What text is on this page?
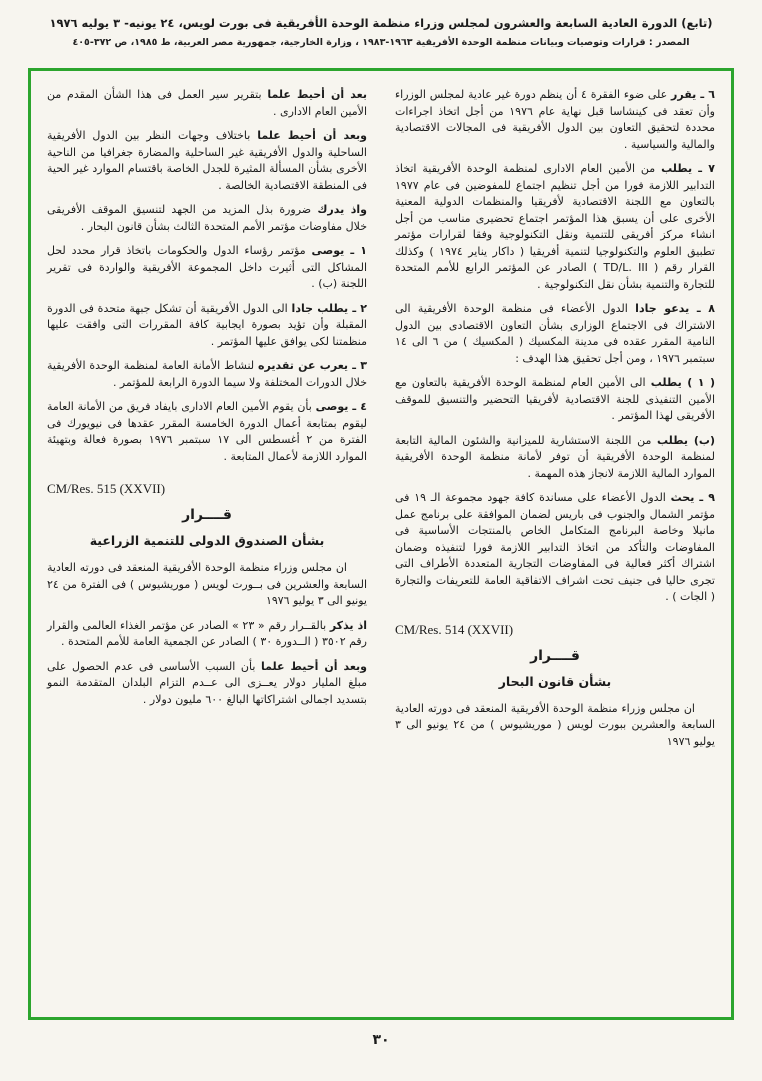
(تابع) الدورة العادية السابعة والعشرون لمجلس وزراء منظمة الوحدة الأفريقية فى بورت لويس، ٢٤ يونيه- ٣ يوليه ١٩٧٦
المصدر : قرارات وتوصيات وبيانات منظمة الوحدة الأفريقية ١٩٦٣-١٩٨٣ ، وزارة الخارجية، جمهورية مصر العربية، ط ١٩٨٥، ص ٣٧٢-٤٠٥

٦ ـ يقرر على ضوء الفقرة ٤ أن ينظم دورة غير عادية لمجلس الوزراء وأن تعقد فى كينشاسا قبل نهاية عام ١٩٧٦ من أجل اتخاذ اجراءات محددة لتحقيق التعاون بين الدول الأفريقية فى المجالات الاقتصادية والمالية والسياسية .

٧ ـ يطلب من الأمين العام الادارى لمنظمة الوحدة الأفريقية اتخاذ التدابير اللازمة فورا من أجل تنظيم اجتماع للمفوضين فى عام ١٩٧٧ بالتعاون مع اللجنة الاقتصادية لأفريقيا والمنظمات الدولية المعنية الأخرى على أن يسبق هذا المؤتمر اجتماع تحضيرى مناسب من أجل انشاء مركز أفريقى للتنمية ونقل التكنولوجية وفقا لقرارات مؤتمر تطبيق العلوم والتكنولوجيا لتنمية أفريقيا ( داكار يناير ١٩٧٤ ) وكذلك القرار رقم ( TD/L. III ) الصادر عن المؤتمر الرابع للأمم المتحدة للتجارة والتنمية بشأن نقل التكنولوجية .

٨ ـ يدعو جادا الدول الأعضاء فى منظمة الوحدة الأفريقية الى الاشتراك فى الاجتماع الوزارى بشأن التعاون الاقتصادى بين الدول النامية المقرر عقده فى مدينة المكسيك ( المكسيك ) من ٦ الى ١٤ سبتمبر ١٩٧٦ ، ومن أجل تحقيق هذا الهدف :

( ١ ) يطلب الى الأمين العام لمنظمة الوحدة الأفريقية بالتعاون مع الأمين التنفيذى للجنة الاقتصادية لأفريقيا التحضير والتنسيق للموقف الأفريقى لهذا المؤتمر .

(ب) يطلب من اللجنة الاستشارية للميزانية والشئون المالية التابعة لمنظمة الوحدة الأفريقية أن توفر لأمانة منظمة الوحدة الأفريقية الموارد المالية اللازمة لانجاز هذه المهمة .

٩ ـ يحث الدول الأعضاء على مساندة كافة جهود مجموعة الـ ١٩ فى مؤتمر الشمال والجنوب فى باريس لضمان الموافقة على برنامج عمل مانيلا وخاصة البرنامج المتكامل الخاص بالمنتجات الأساسية فى المفاوضات والتأكد من اتخاذ التدابير اللازمة فورا لتنفيذه وضمان اشتراك أكثر فعالية فى المفاوضات التجارية المتعددة الأطراف التى تجرى حاليا فى جنيف تحت اشراف الاتفاقية العامة للتعريفات والتجارة ( الجات ) .

CM/Res. 514 (XXVII)
قــــرار
بشأن قانون البحار

ان مجلس وزراء منظمة الوحدة الأفريقية المنعقد فى دورته العادية السابعة والعشرين ببورت لويس ( موريشيوس ) من ٢٤ يونيو الى ٣ يوليو ١٩٧٦

بعد أن أحيط علما بتقرير سير العمل فى هذا الشأن المقدم من الأمين العام الادارى .

وبعد أن أحيط علما باختلاف وجهات النظر بين الدول الأفريقية الساحلية والدول الأفريقية غير الساحلية والمضارة جغرافيا من الناحية الأخرى بشأن المسألة المثيرة للجدل الخاصة باقتسام الموارد غير الحية فى المنطقة الاقتصادية الخالصة .

واذ يدرك ضرورة بذل المزيد من الجهد لتنسيق الموقف الأفريقى خلال مفاوضات مؤتمر الأمم المتحدة الثالث بشأن قانون البحار .

١ ـ يوصى مؤتمر رؤساء الدول والحكومات باتخاذ قرار محدد لحل المشاكل التى أثيرت داخل المجموعة الأفريقية والواردة فى تقرير اللجنة (ب) .

٢ ـ يطلب جادا الى الدول الأفريقية أن تشكل جبهة متحدة فى الدورة المقبلة وأن تؤيد بصورة ايجابية كافة المقررات التى وافقت عليها منظمتنا لكى يوافق عليها المؤتمر .

٣ ـ يعرب عن تقديره لنشاط الأمانة العامة لمنظمة الوحدة الأفريقية خلال الدورات المختلفة ولا سيما الدورة الرابعة للمؤتمر .

٤ ـ يوصى بأن يقوم الأمين العام الادارى بايفاد فريق من الأمانة العامة ليقوم بمتابعة أعمال الدورة الخامسة المقرر عقدها فى نيويورك فى الفترة من ٢ أغسطس الى ١٧ سبتمبر ١٩٧٦ بصورة فعالة وبتهيئة الموارد اللازمة لأعمال المتابعة .

CM/Res. 515 (XXVII)
قــــرار
بشأن الصندوق الدولى للتنمية الزراعية

ان مجلس وزراء منظمة الوحدة الأفريقية المنعقد فى دورته العادية السابعة والعشرين فى بــورت لويس ( موريشيوس ) فى الفترة من ٢٤ يونيو الى ٣ يوليو ١٩٧٦

اذ يذكر بالقــرار رقم « ٢٣ » الصادر عن مؤتمر الغذاء العالمى والقرار رقم ٣٥٠٢ ( الــدورة ٣٠ ) الصادر عن الجمعية العامة للأمم المتحدة .

وبعد أن أحيط علما بأن السبب الأساسى فى عدم الحصول على مبلغ المليار دولار يعــزى الى عــدم التزام البلدان المتقدمة النمو بتسديد اجمالى اشتراكاتها البالغ ٦٠٠ مليون دولار .

٣٠
